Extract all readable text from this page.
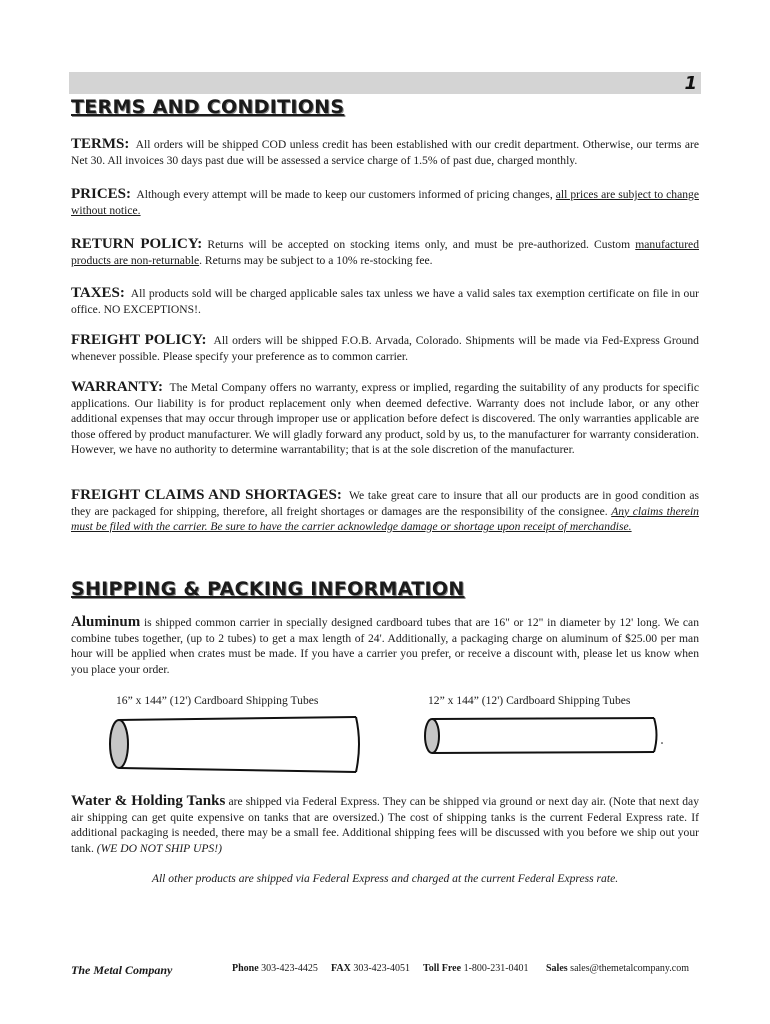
1
TERMS AND CONDITIONS
TERMS: All orders will be shipped COD unless credit has been established with our credit department. Otherwise, our terms are Net 30. All invoices 30 days past due will be assessed a service charge of 1.5% of past due, charged monthly.
PRICES: Although every attempt will be made to keep our customers informed of pricing changes, all prices are subject to change without notice.
RETURN POLICY: Returns will be accepted on stocking items only, and must be pre-authorized. Custom manufactured products are non-returnable. Returns may be subject to a 10% re-stocking fee.
TAXES: All products sold will be charged applicable sales tax unless we have a valid sales tax exemption certificate on file in our office. NO EXCEPTIONS!.
FREIGHT POLICY: All orders will be shipped F.O.B. Arvada, Colorado. Shipments will be made via Fed-Express Ground whenever possible. Please specify your preference as to common carrier.
WARRANTY: The Metal Company offers no warranty, express or implied, regarding the suitability of any products for specific applications. Our liability is for product replacement only when deemed defective. Warranty does not include labor, or any other additional expenses that may occur through improper use or application before defect is discovered. The only warranties applicable are those offered by product manufacturer. We will gladly forward any product, sold by us, to the manufacturer for warranty consideration. However, we have no authority to determine warrantability; that is at the sole discretion of the manufacturer.
FREIGHT CLAIMS AND SHORTAGES: We take great care to insure that all our products are in good condition as they are packaged for shipping, therefore, all freight shortages or damages are the responsibility of the consignee. Any claims therein must be filed with the carrier. Be sure to have the carrier acknowledge damage or shortage upon receipt of merchandise.
SHIPPING & PACKING INFORMATION
Aluminum is shipped common carrier in specially designed cardboard tubes that are 16" or 12" in diameter by 12' long. We can combine tubes together, (up to 2 tubes) to get a max length of 24'. Additionally, a packaging charge on aluminum of $25.00 per man hour will be applied when crates must be made. If you have a carrier you prefer, or receive a discount with, please let us know when you place your order.
16” x 144” (12') Cardboard Shipping Tubes	12” x 144” (12') Cardboard Shipping Tubes
Water & Holding Tanks are shipped via Federal Express. They can be shipped via ground or next day air. (Note that next day air shipping can get quite expensive on tanks that are oversized.) The cost of shipping tanks is the current Federal Express rate. If additional packaging is needed, there may be a small fee. Additional shipping fees will be discussed with you before we ship out your tank. (WE DO NOT SHIP UPS!)
All other products are shipped via Federal Express and charged at the current Federal Express rate.
The Metal Company	Phone 303-423-4425 FAX 303-423-4051 Toll Free 1-800-231-0401 Sales sales@themetalcompany.com
